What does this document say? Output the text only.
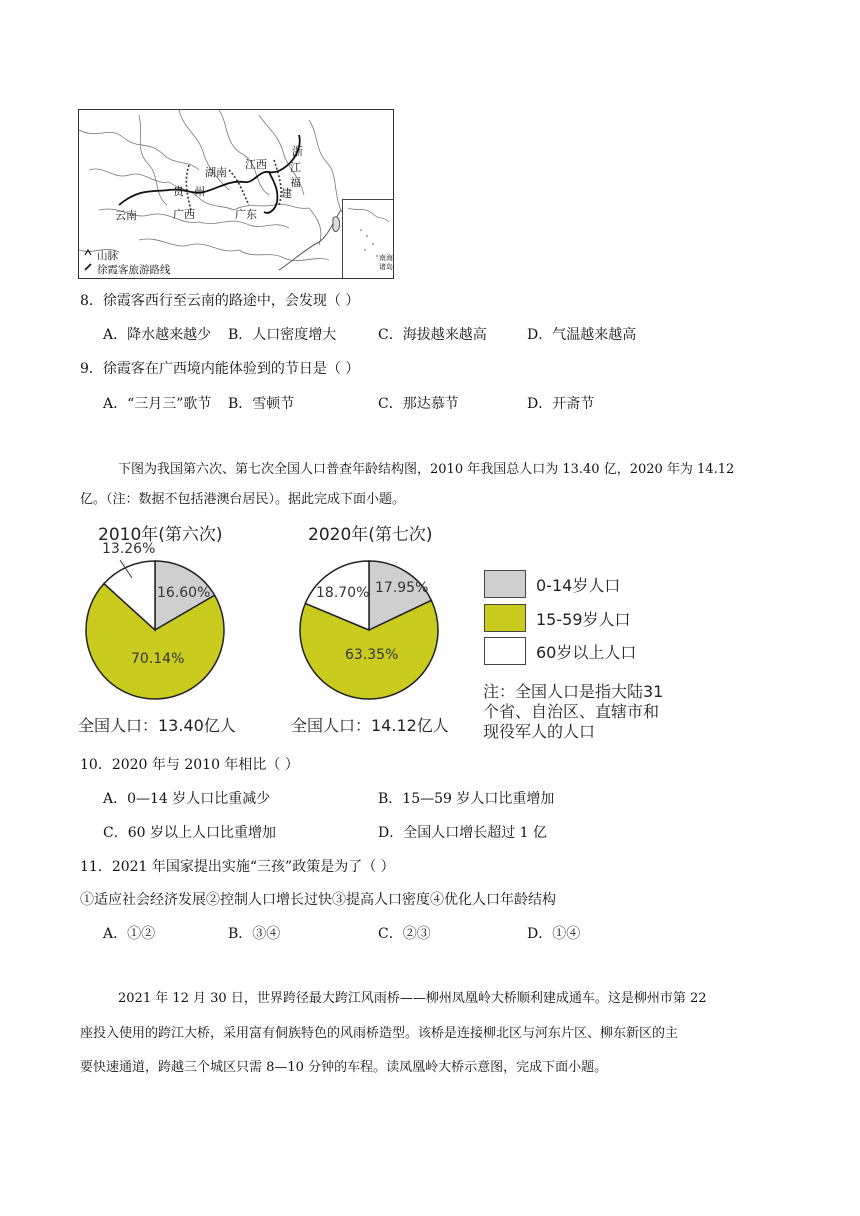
湖南
江西
浙
江
福
建
贵 州
云南	广西	广东
山脉
徐霞客旅游路线
南海
诸岛
8．徐霞客西行至云南的路途中，会发现（ ）
A．降水越来越少 B．人口密度增大	C．海拔越来越高	D．气温越来越高
9．徐霞客在广西境内能体验到的节日是（ ）
A．“三月三”歌节 B．雪顿节	C．那达慕节	D．开斋节
下图为我国第六次、第七次全国人口普查年龄结构图，2010 年我国总人口为 13.40 亿，2020 年为 14.12
亿。（注：数据不包括港澳台居民）。据此完成下面小题。
2010年(第六次)	2020年(第七次)
13.26%
16.60%
70.14%
18.70% 17.95%
63.35%
全国人口：13.40亿人	全国人口：14.12亿人
0-14岁人口
15-59岁人口
60岁以上人口
注：全国人口是指大陆31
个省、自治区、直辖市和
现役军人的人口
10．2020 年与 2010 年相比（ ）
A．0—14 岁人口比重减少	B．15—59 岁人口比重增加
C．60 岁以上人口比重增加	D．全国人口增长超过 1 亿
11．2021 年国家提出实施“三孩”政策是为了（ ）
①适应社会经济发展②控制人口增长过快③提高人口密度④优化人口年龄结构
A．①②	B．③④	C．②③	D．①④
2021 年 12 月 30 日，世界跨径最大跨江风雨桥——柳州凤凰岭大桥顺利建成通车。这是柳州市第 22
座投入使用的跨江大桥，采用富有侗族特色的风雨桥造型。该桥是连接柳北区与河东片区、柳东新区的主
要快速通道，跨越三个城区只需 8—10 分钟的车程。读凤凰岭大桥示意图，完成下面小题。
